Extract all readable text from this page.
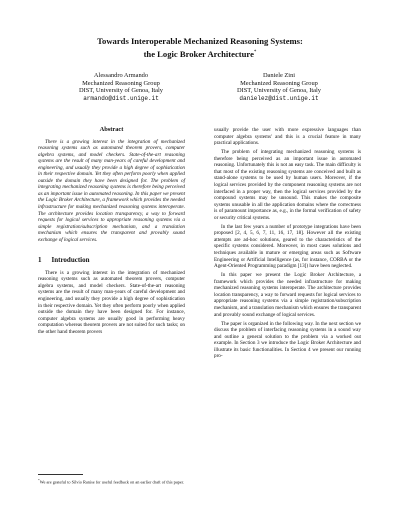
Towards Interoperable Mechanized Reasoning Systems:
the Logic Broker Architecture*
Alessandro Armando
Mechanized Reasoning Group
DIST, University of Genoa, Italy
armando@dist.unige.it
Daniele Zini
Mechanized Reasoning Group
DIST, University of Genoa, Italy
danielez@dist.unige.it
Abstract

There is a growing interest in the integration of mechanized reasoning systems such as automated theorem provers, computer algebra systems, and model checkers. State-of-the-art reasoning systems are the result of many man-years of careful development and engineering, and usually they provide a high degree of sophistication in their respective domain. Yet they often perform poorly when applied outside the domain they have been designed for. The problem of integrating mechanized reasoning systems is therefore being perceived as an important issue in automated reasoning. In this paper we present the Logic Broker Architecture, a framework which provides the needed infrastructure for making mechanized reasoning systems interoperate. The architecture provides location transparency, a way to forward requests for logical services to appropriate reasoning systems via a simple registration/subscription mechanism, and a translation mechanism which ensures the transparent and provably sound exchange of logical services.

1 Introduction

There is a growing interest in the integration of mechanized reasoning systems such as automated theorem provers, computer algebra systems, and model checkers. State-of-the-art reasoning systems are the result of many man-years of careful development and engineering, and usually they provide a high degree of sophistication in their respective domain. Yet they often perform poorly when applied outside the domain they have been designed for. For instance, computer algebra systems are usually good in performing heavy computation whereas theorem provers are not suited for such tasks; on the other hand theorem provers

*We are grateful to Silvio Ranise for useful feedback on an earlier draft of this paper.

usually provide the user with more expressive languages than computer algebra systems' and this is a crucial feature in many practical applications.

The problem of integrating mechanized reasoning systems is therefore being perceived as an important issue in automated reasoning. Unfortunately this is not an easy task. The main difficulty is that most of the existing reasoning systems are conceived and built as stand-alone systems to be used by human users. Moreover, if the logical services provided by the component reasoning systems are not interfaced in a proper way, then the logical services provided by the compound systems may be unsound. This makes the composite systems unusable in all the application domains where the correctness is of paramount importance as, e.g., in the formal verification of safety or security critical systems.

In the last few years a number of prototype integrations have been proposed [2, 4, 5, 6, 7, 11, 16, 17, 18]. However all the existing attempts are ad-hoc solutions, geared to the characteristics of the specific systems considered. Moreover, in most cases solutions and techniques available in mature or emerging areas such as Software Engineering or Artificial Intelligence (as, for instance, CORBA or the Agent-Oriented Programming paradigm [13]) have been neglected.

In this paper we present the Logic Broker Architecture, a framework which provides the needed infrastructure for making mechanized reasoning systems interoperate. The architecture provides location transparency, a way to forward requests for logical services to appropriate reasoning systems via a simple registration/subscription mechanism, and a translation mechanism which ensures the transparent and provably sound exchange of logical services.

The paper is organized in the following way. In the next section we discuss the problem of interfacing reasoning systems in a sound way and outline a general solution to the problem via a worked out example. In Section 3 we introduce the Logic Broker Architecture and illustrate its basic functionalities. In Section 4 we present our running pro-
